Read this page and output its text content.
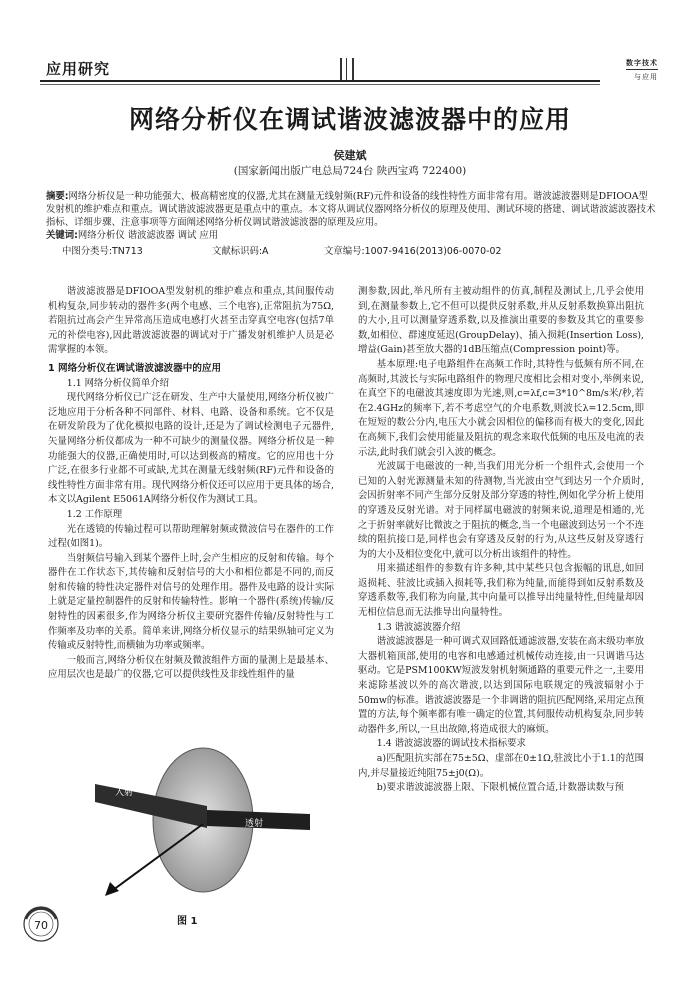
应用研究	数字技术
与应用
网络分析仪在调试谐波滤波器中的应用
侯建斌
(国家新闻出版广电总局724台 陕西宝鸡 722400)
摘要:网络分析仪是一种功能强大、极高精密度的仪器,尤其在测量无线射频(RF)元件和设备的线性特性方面非常有用。谐波滤波器则是DFIOOA型发射机的维护难点和重点。调试谐波滤波器更是重点中的重点。本文将从调试仪器网络分析仪的原理及使用、测试环境的搭建、调试谐波滤波器技术指标、详细步骤、注意事项等方面阐述网络分析仪调试谐波滤波器的原理及应用。
关键词:网络分析仪 谐波滤波器 调试 应用
中图分类号:TN713	文献标识码:A	文章编号:1007-9416(2013)06-0070-02

谐波滤波器是DFIOOA型发射机的维护难点和重点,其间服传动机构复杂,同步转动的器件多(两个电感、三个电容),正常阻抗为75Ω,若阻抗过高会产生异常高压造成电感打火甚至击穿真空电容(包括7单元的补偿电容),因此谐波滤波器的调试对于广播发射机维护人员是必需掌握的本领。

1 网络分析仪在调试谐波滤波器中的应用

1.1 网络分析仪简单介绍

现代网络分析仪已广泛在研发、生产中大量使用,网络分析仪被广泛地应用于分析各种不同部件、材料、电路、设备和系统。它不仅是在研发阶段为了优化模拟电路的设计,还是为了调试检测电子元器件,矢量网络分析仪都成为一种不可缺少的测量仪器。网络分析仪是一种功能强大的仪器,正确使用时,可以达到极高的精度。它的应用也十分广泛,在很多行业都不可或缺,尤其在测量无线射频(RF)元件和设备的线性特性方面非常有用。现代网络分析仪还可以应用于更具体的场合,本文以Agilent E5061A网络分析仪作为测试工具。

1.2 工作原理

光在透镜的传输过程可以帮助理解射频或微波信号在器件的工作过程(如图1)。

当射频信号输入到某个器件上时,会产生相应的反射和传输。每个器件在工作状态下,其传输和反射信号的大小和相位都是不同的,而反射和传输的特性决定器件对信号的处理作用。器件及电路的设计实际上就是定量控制器件的反射和传输特性。影响一个器件(系统)传输/反射特性的因素很多,作为网络分析仪主要研究器件传输/反射特性与工作频率及功率的关系。简单来讲,网络分析仪显示的结果纵轴可定义为传输或反射特性,而横轴为功率或频率。

一般而言,网络分析仪在射频及微波组件方面的量测上是最基本、应用层次也是最广的仪器,它可以提供线性及非线性组件的量

入射
透射
图 1

测参数,因此,举凡所有主被动组件的仿真,制程及测试上,几乎会使用到,在测量参数上,它不但可以提供反射系数,并从反射系数换算出阻抗的大小,且可以测量穿透系数,以及推演出重要的参数及其它的重要参数,如相位、群速度延迟(GroupDelay)、插入损耗(Insertion Loss),增益(Gain)甚至放大器的1dB压缩点(Compression point)等。

基本原理:电子电路组件在高频工作时,其特性与低频有所不同,在高频时,其波长与实际电路组件的物理尺度相比会相对变小,举例来说,在真空下的电磁波其速度即为光速,则,c=λf,c=3*10^8m/s米/秒,若在2.4GHz的频率下,若不考虑空气的介电系数,则波长λ=12.5cm,即在短短的数公分内,电压大小就会因相位的偏移而有极大的变化,因此在高频下,我们会使用能量及阻抗的观念来取代低频的电压及电流的表示法,此时我们就会引入波的概念。

光波属于电磁波的一种,当我们用光分析一个组件式,会使用一个已知的入射光源测量未知的待测物,当光波由空气到达另一个介质时,会因折射率不同产生部分反射及部分穿透的特性,例如化学分析上使用的穿透及反射光谱。对于同样属电磁波的射频来说,道理是相通的,光之于折射率就好比微波之于阻抗的概念,当一个电磁波到达另一个不连续的阻抗接口是,同样也会有穿透及反射的行为,从这些反射及穿透行为的大小及相位变化中,就可以分析出该组件的特性。

用来描述组件的参数有许多种,其中某些只包含振幅的讯息,如回返损耗、驻波比或插入损耗等,我们称为纯量,而能得到如反射系数及穿透系数等,我们称为向量,其中向量可以推导出纯量特性,但纯量却因无相位信息而无法推导出向量特性。

1.3 谐波滤波器介绍

谐波滤波器是一种可调式双回路低通滤波器,安装在高末级功率放大器机箱顶部,使用的电容和电感通过机械传动连接,由一只调谐马达驱动。它是PSM100KW短波发射机射频通路的重要元件之一,主要用来滤除基波以外的高次谐波,以达到国际电联规定的残波辐射小于50mw的标准。谐波滤波器是一个非调谐的阻抗匹配网络,采用定点预置的方法,每个频率都有唯一确定的位置,其伺服传动机构复杂,同步转动器件多,所以,一旦出故障,将造成很大的麻烦。

1.4 谐波滤波器的调试技术指标要求

a)匹配阻抗实部在75±5Ω、虚部在0±1Ω,驻波比小于1.1的范围内,并尽量接近纯阻75±j0(Ω)。

b)要求谐波滤波器上限、下限机械位置合适,计数器读数与预

70
